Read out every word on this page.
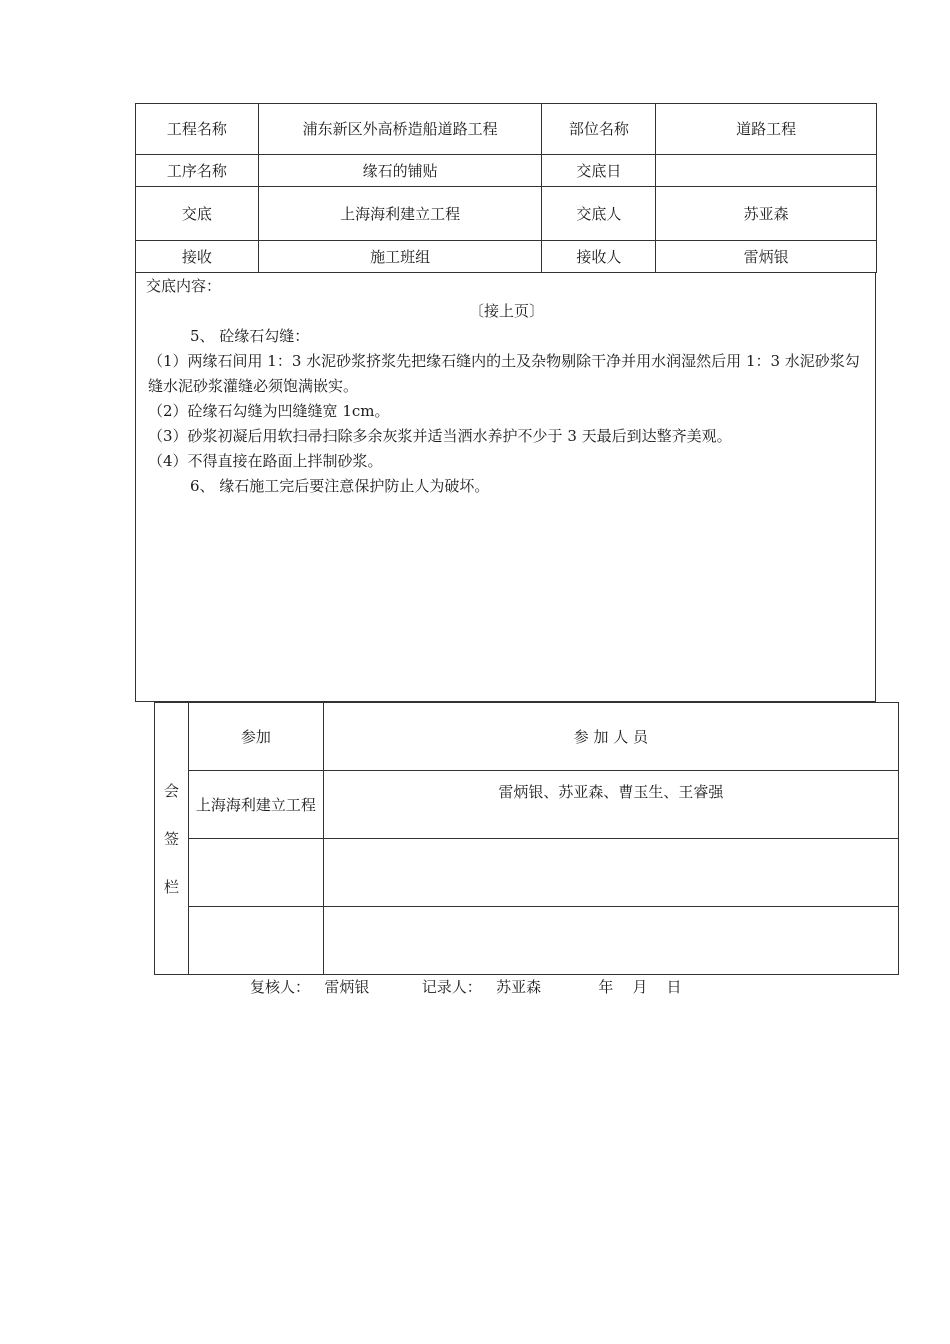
工程名称	浦东新区外高桥造船道路工程	部位名称	道路工程
工序名称	缘石的铺贴	交底日	
交底	上海海利建立工程	交底人	苏亚森
接收	施工班组	接收人	雷炳银

交底内容：

〔接上页〕

5、 砼缘石勾缝：

（1）两缘石间用 1：3 水泥砂浆挤浆先把缘石缝内的土及杂物剔除干净并用水润湿然后用 1：3 水泥砂浆勾缝水泥砂浆灌缝必须饱满嵌实。

（2）砼缘石勾缝为凹缝缝宽 1cm。

（3）砂浆初凝后用软扫帚扫除多余灰浆并适当洒水养护不少于 3 天最后到达整齐美观。

（4）不得直接在路面上拌制砂浆。

6、 缘石施工完后要注意保护防止人为破坏。

会
签
栏	参加	参 加 人 员
	上海海利建立工程	雷炳银、苏亚森、曹玉生、王睿强

复核人： 雷炳银	记录人： 苏亚森	年 月 日
